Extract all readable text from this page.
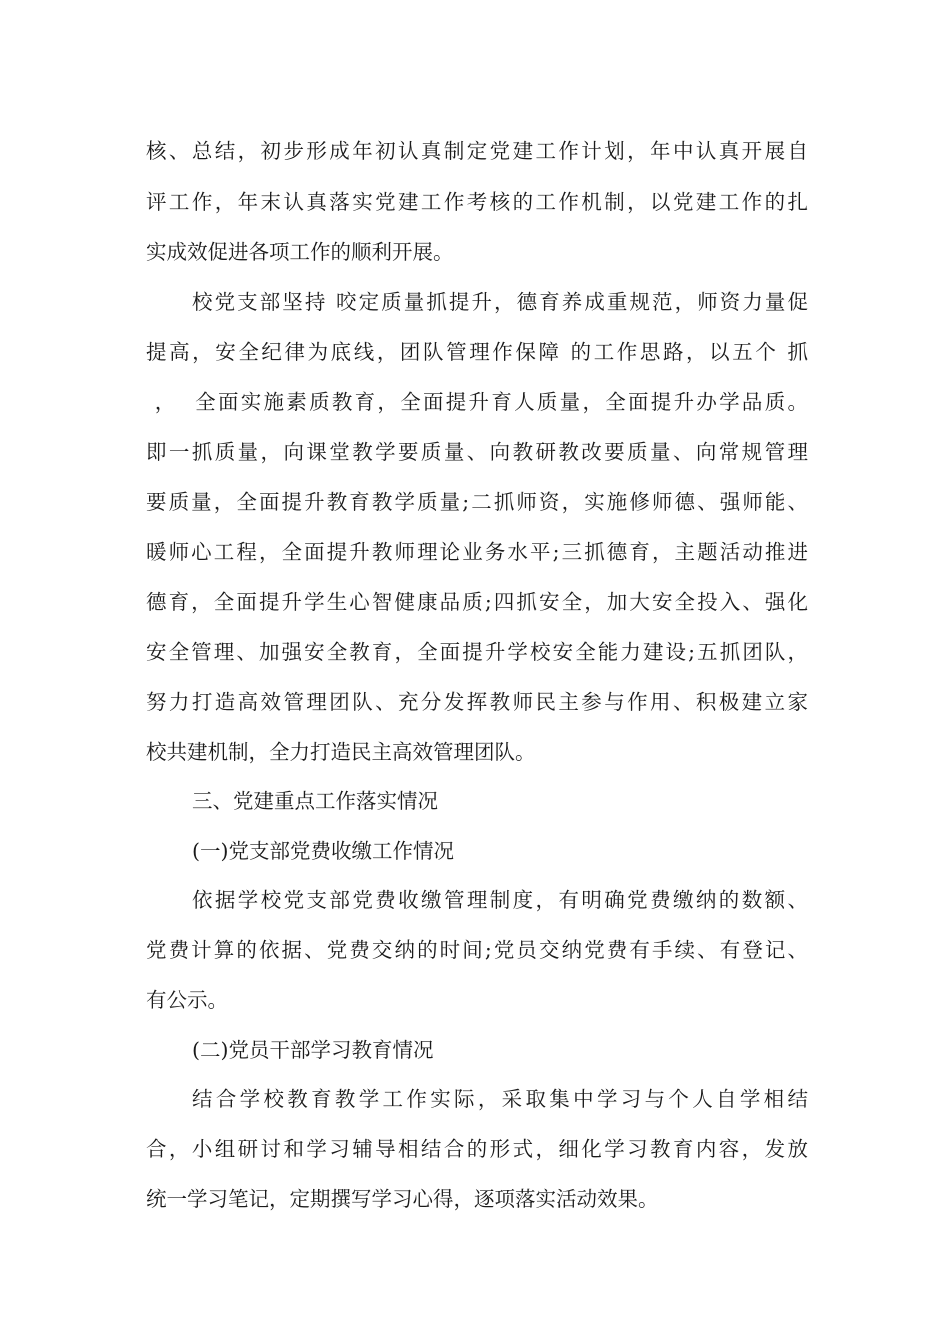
核、总结，初步形成年初认真制定党建工作计划，年中认真开展自
评工作，年末认真落实党建工作考核的工作机制，以党建工作的扎
实成效促进各项工作的顺利开展。
校党支部坚持 咬定质量抓提升，德育养成重规范，师资力量促
提高，安全纪律为底线，团队管理作保障 的工作思路，以五个 抓
，  全面实施素质教育，全面提升育人质量，全面提升办学品质。
即一抓质量，向课堂教学要质量、向教研教改要质量、向常规管理
要质量，全面提升教育教学质量;二抓师资，实施修师德、强师能、
暖师心工程，全面提升教师理论业务水平;三抓德育，主题活动推进
德育，全面提升学生心智健康品质;四抓安全，加大安全投入、强化
安全管理、加强安全教育，全面提升学校安全能力建设;五抓团队，
努力打造高效管理团队、充分发挥教师民主参与作用、积极建立家
校共建机制，全力打造民主高效管理团队。
三、党建重点工作落实情况
(一)党支部党费收缴工作情况
依据学校党支部党费收缴管理制度，有明确党费缴纳的数额、
党费计算的依据、党费交纳的时间;党员交纳党费有手续、有登记、
有公示。
(二)党员干部学习教育情况
结合学校教育教学工作实际，采取集中学习与个人自学相结
合，小组研讨和学习辅导相结合的形式，细化学习教育内容，发放
统一学习笔记，定期撰写学习心得，逐项落实活动效果。
